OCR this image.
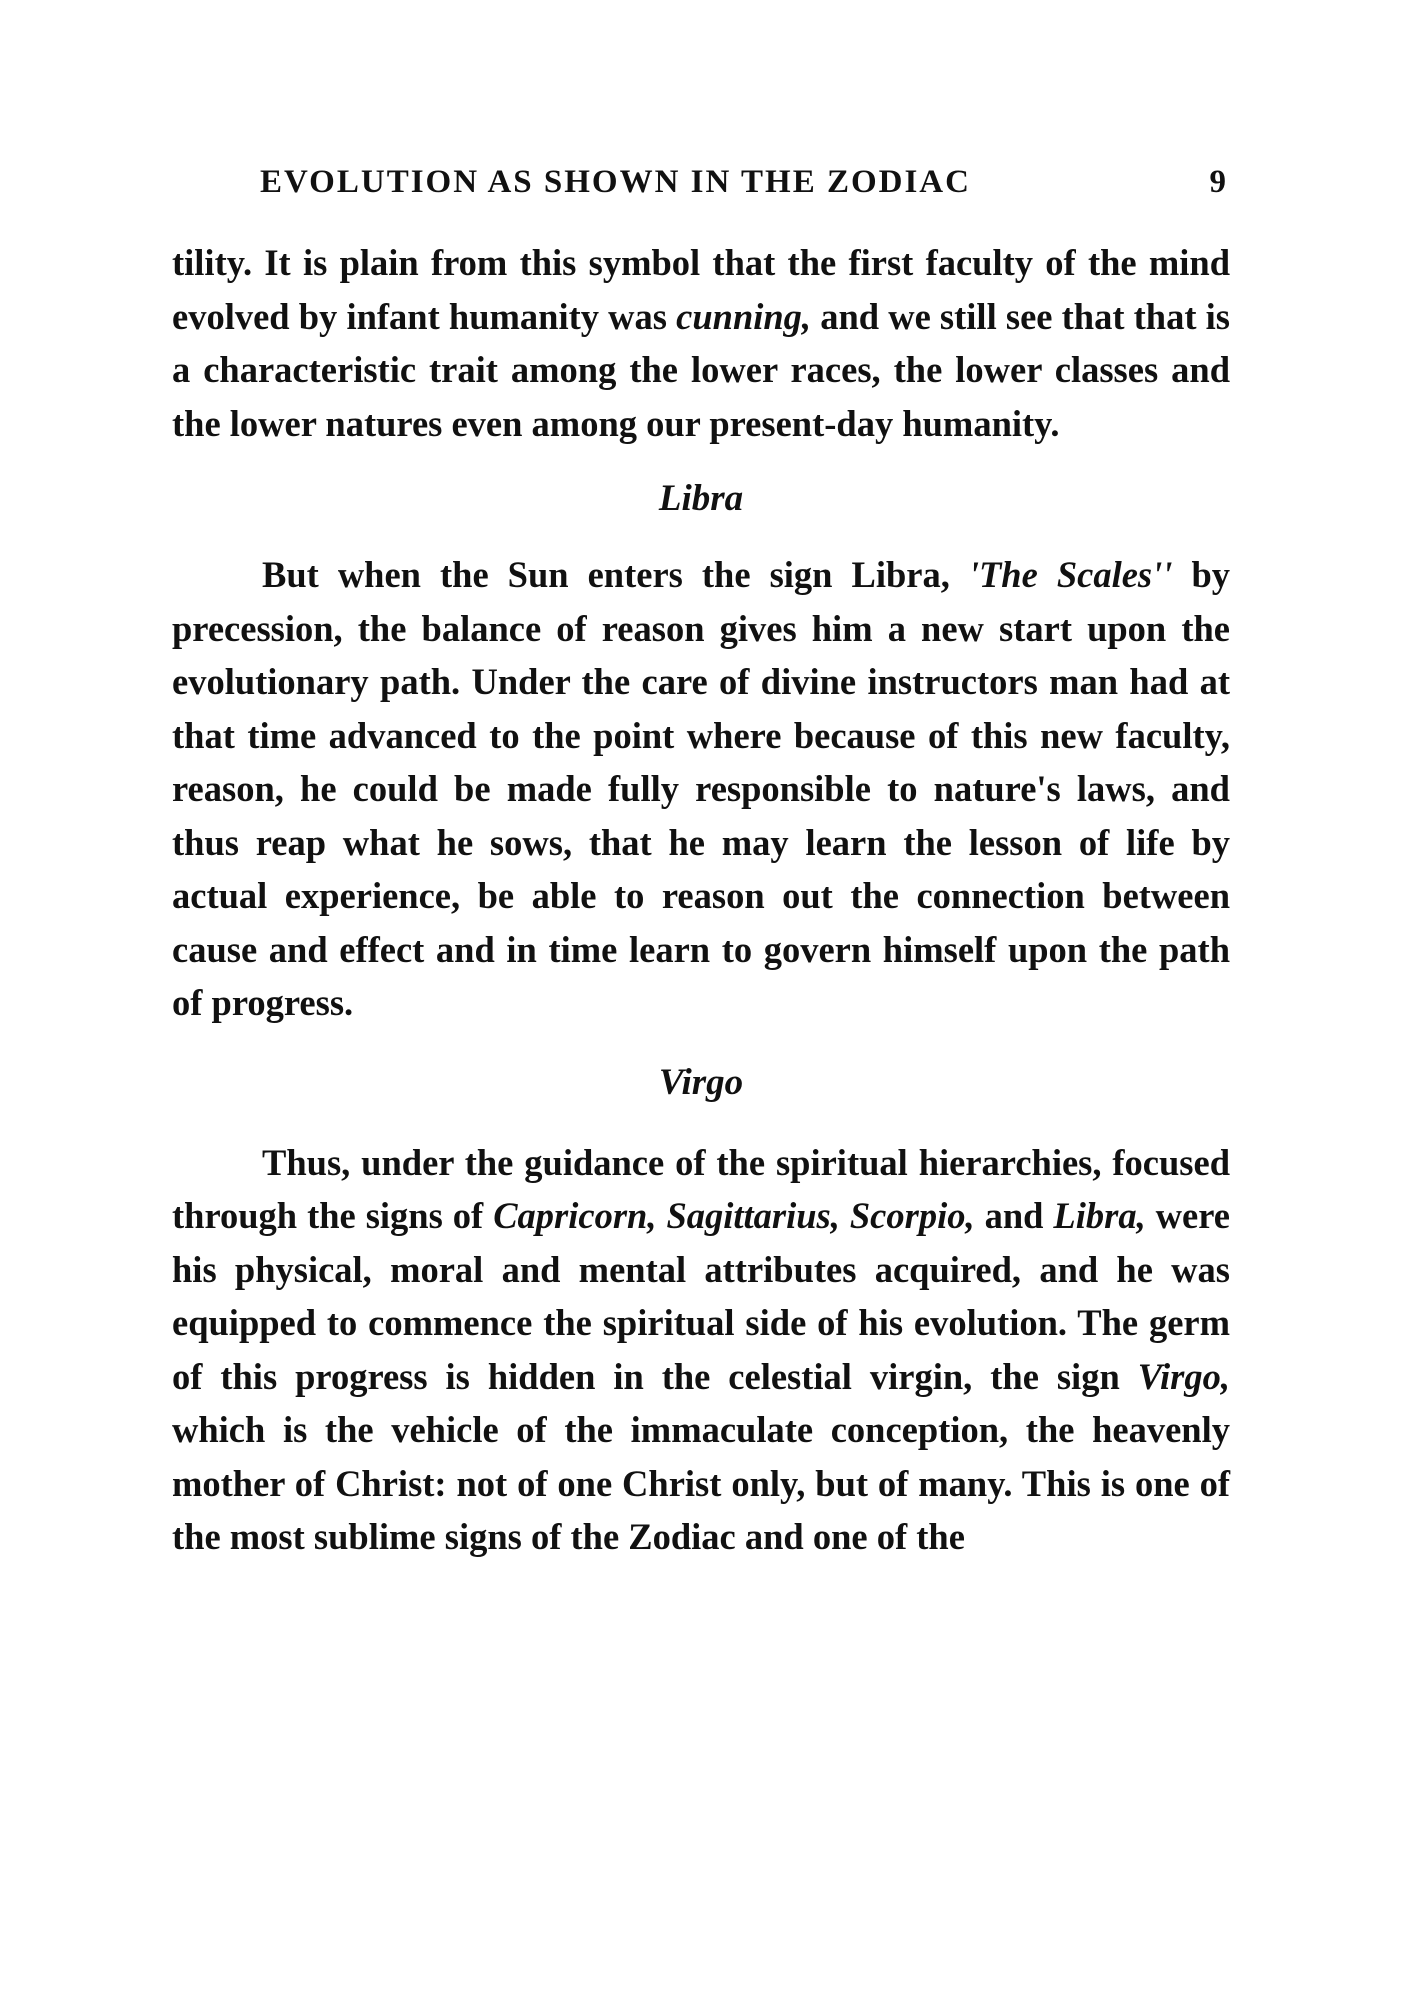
EVOLUTION AS SHOWN IN THE ZODIAC	9

tility. It is plain from this symbol that the first faculty of the mind evolved by infant humanity was cunning, and we still see that that is a characteristic trait among the lower races, the lower classes and the lower natures even among our present-day humanity.

Libra

But when the Sun enters the sign Libra, 'The Scales'' by precession, the balance of reason gives him a new start upon the evolutionary path. Under the care of divine instructors man had at that time advanced to the point where because of this new faculty, reason, he could be made fully responsible to nature's laws, and thus reap what he sows, that he may learn the lesson of life by actual experience, be able to reason out the connection between cause and effect and in time learn to govern himself upon the path of progress.

Virgo

Thus, under the guidance of the spiritual hierarchies, focused through the signs of Capricorn, Sagittarius, Scorpio, and Libra, were his physical, moral and mental attributes acquired, and he was equipped to commence the spiritual side of his evolution. The germ of this progress is hidden in the celestial virgin, the sign Virgo, which is the vehicle of the immaculate conception, the heavenly mother of Christ: not of one Christ only, but of many. This is one of the most sublime signs of the Zodiac and one of the
